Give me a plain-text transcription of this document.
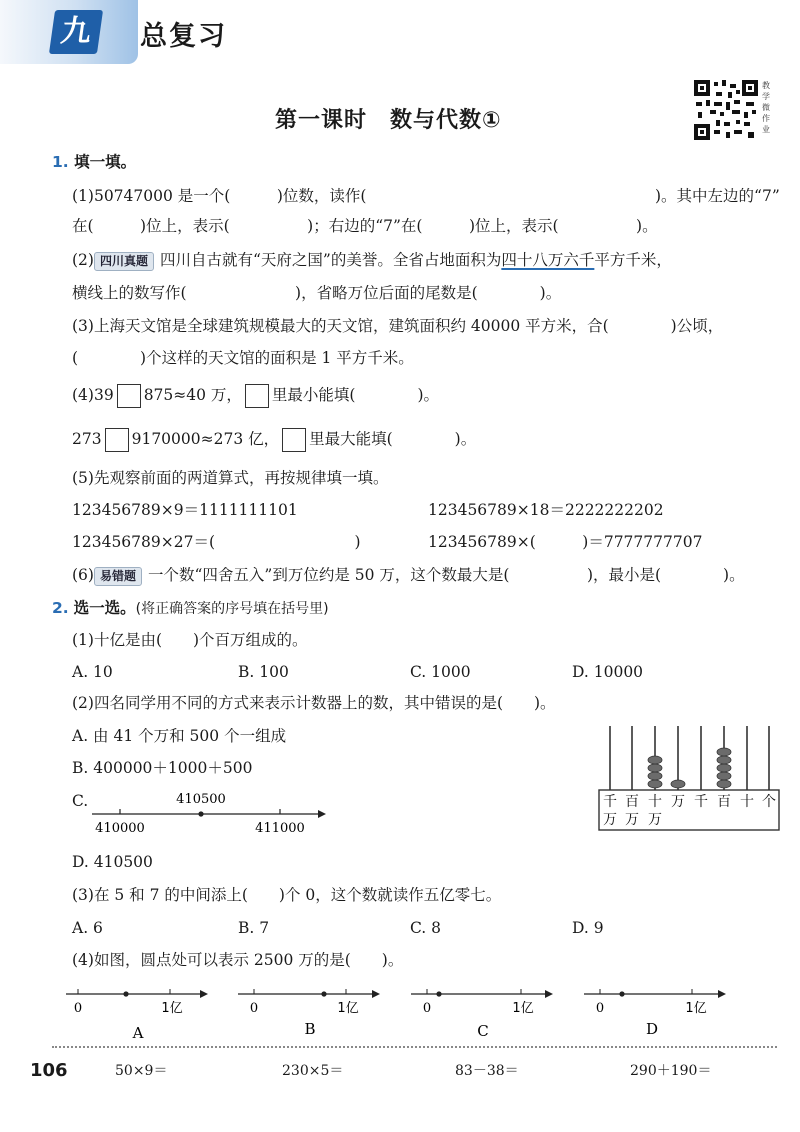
九	总复习
第一课时　数与代数①
教学微作业
1. 填一填。
(1)50747000 是一个(　　　)位数，读作(	)。其中左边的“7”
在(　　　)位上，表示(　　　　　)；右边的“7”在(　　　)位上，表示(　　　　　)。
(2) 四川真题 四川自古就有“天府之国”的美誉。全省占地面积为四十八万六千平方千米，
横线上的数写作(　　　　　　　)，省略万位后面的尾数是(　　　　)。
(3)上海天文馆是全球建筑规模最大的天文馆，建筑面积约 40000 平方米，合(　　　　)公顷，
(　　　　)个这样的天文馆的面积是 1 平方千米。
(4)39 875≈40 万， 里最小能填(　　　　)。
273 9170000≈273 亿， 里最大能填(　　　　)。
(5)先观察前面的两道算式，再按规律填一填。
123456789×9＝1111111101	123456789×18＝2222222202
123456789×27＝(　　　　　　　　　)	123456789×(　　　)＝7777777707
(6) 易错题 一个数“四舍五入”到万位约是 50 万，这个数最大是(　　　　　)，最小是(　　　　)。
2. 选一选。(将正确答案的序号填在括号里)
(1)十亿是由(　　)个百万组成的。
A. 10	B. 100	C. 1000	D. 10000
(2)四名同学用不同的方式来表示计数器上的数，其中错误的是(　　)。
A. 由 41 个万和 500 个一组成
B. 400000＋1000＋500
C.	410500
410000	411000
D. 410500
千
万
百
万
十
万
万 千 百 十 个
(3)在 5 和 7 的中间添上(　　)个 0，这个数就读作五亿零七。
A. 6	B. 7	C. 8	D. 9
(4)如图，圆点处可以表示 2500 万的是(　　)。
0	1亿
A
0	1亿
B
0	1亿
C
0	1亿
D
106	50×9＝	230×5＝	83－38＝	290＋190＝
